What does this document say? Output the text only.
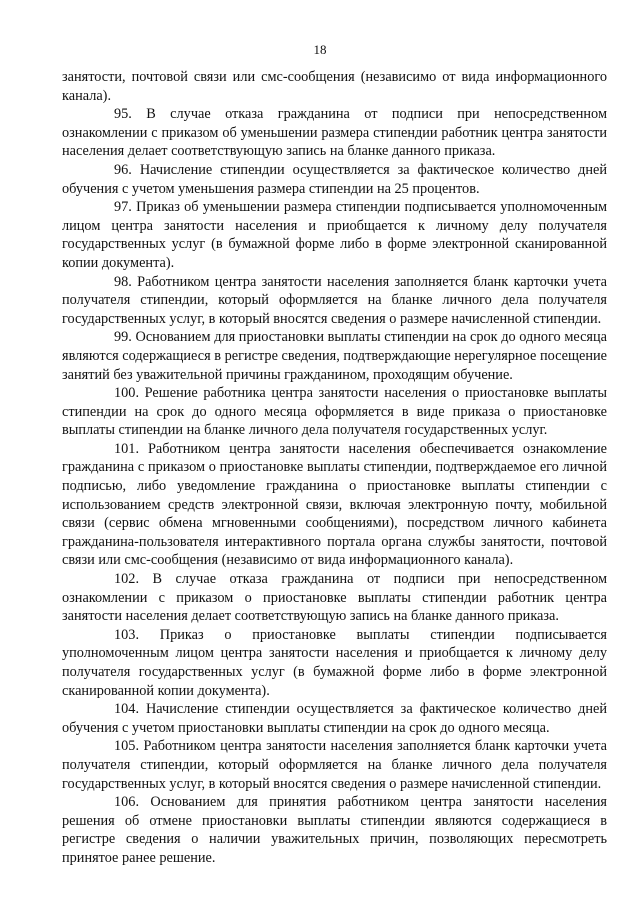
18

занятости, почтовой связи или смс-сообщения (независимо от вида информационного канала).

95. В случае отказа гражданина от подписи при непосредственном ознакомлении с приказом об уменьшении размера стипендии работник центра занятости населения делает соответствующую запись на бланке данного приказа.

96. Начисление стипендии осуществляется за фактическое количество дней обучения с учетом уменьшения размера стипендии на 25 процентов.

97. Приказ об уменьшении размера стипендии подписывается уполномоченным лицом центра занятости населения и приобщается к личному делу получателя государственных услуг (в бумажной форме либо в форме электронной сканированной копии документа).

98. Работником центра занятости населения заполняется бланк карточки учета получателя стипендии, который оформляется на бланке личного дела получателя государственных услуг, в который вносятся сведения о размере начисленной стипендии.

99. Основанием для приостановки выплаты стипендии на срок до одного месяца являются содержащиеся в регистре сведения, подтверждающие нерегулярное посещение занятий без уважительной причины гражданином, проходящим обучение.

100. Решение работника центра занятости населения о приостановке выплаты стипендии на срок до одного месяца оформляется в виде приказа о приостановке выплаты стипендии на бланке личного дела получателя государственных услуг.

101. Работником центра занятости населения обеспечивается ознакомление гражданина с приказом о приостановке выплаты стипендии, подтверждаемое его личной подписью, либо уведомление гражданина о приостановке выплаты стипендии с использованием средств электронной связи, включая электронную почту, мобильной связи (сервис обмена мгновенными сообщениями), посредством личного кабинета гражданина-пользователя интерактивного портала органа службы занятости, почтовой связи или смс-сообщения (независимо от вида информационного канала).

102. В случае отказа гражданина от подписи при непосредственном ознакомлении с приказом о приостановке выплаты стипендии работник центра занятости населения делает соответствующую запись на бланке данного приказа.

103. Приказ о приостановке выплаты стипендии подписывается уполномоченным лицом центра занятости населения и приобщается к личному делу получателя государственных услуг (в бумажной форме либо в форме электронной сканированной копии документа).

104. Начисление стипендии осуществляется за фактическое количество дней обучения с учетом приостановки выплаты стипендии на срок до одного месяца.

105. Работником центра занятости населения заполняется бланк карточки учета получателя стипендии, который оформляется на бланке личного дела получателя государственных услуг, в который вносятся сведения о размере начисленной стипендии.

106. Основанием для принятия работником центра занятости населения решения об отмене приостановки выплаты стипендии являются содержащиеся в регистре сведения о наличии уважительных причин, позволяющих пересмотреть принятое ранее решение.
